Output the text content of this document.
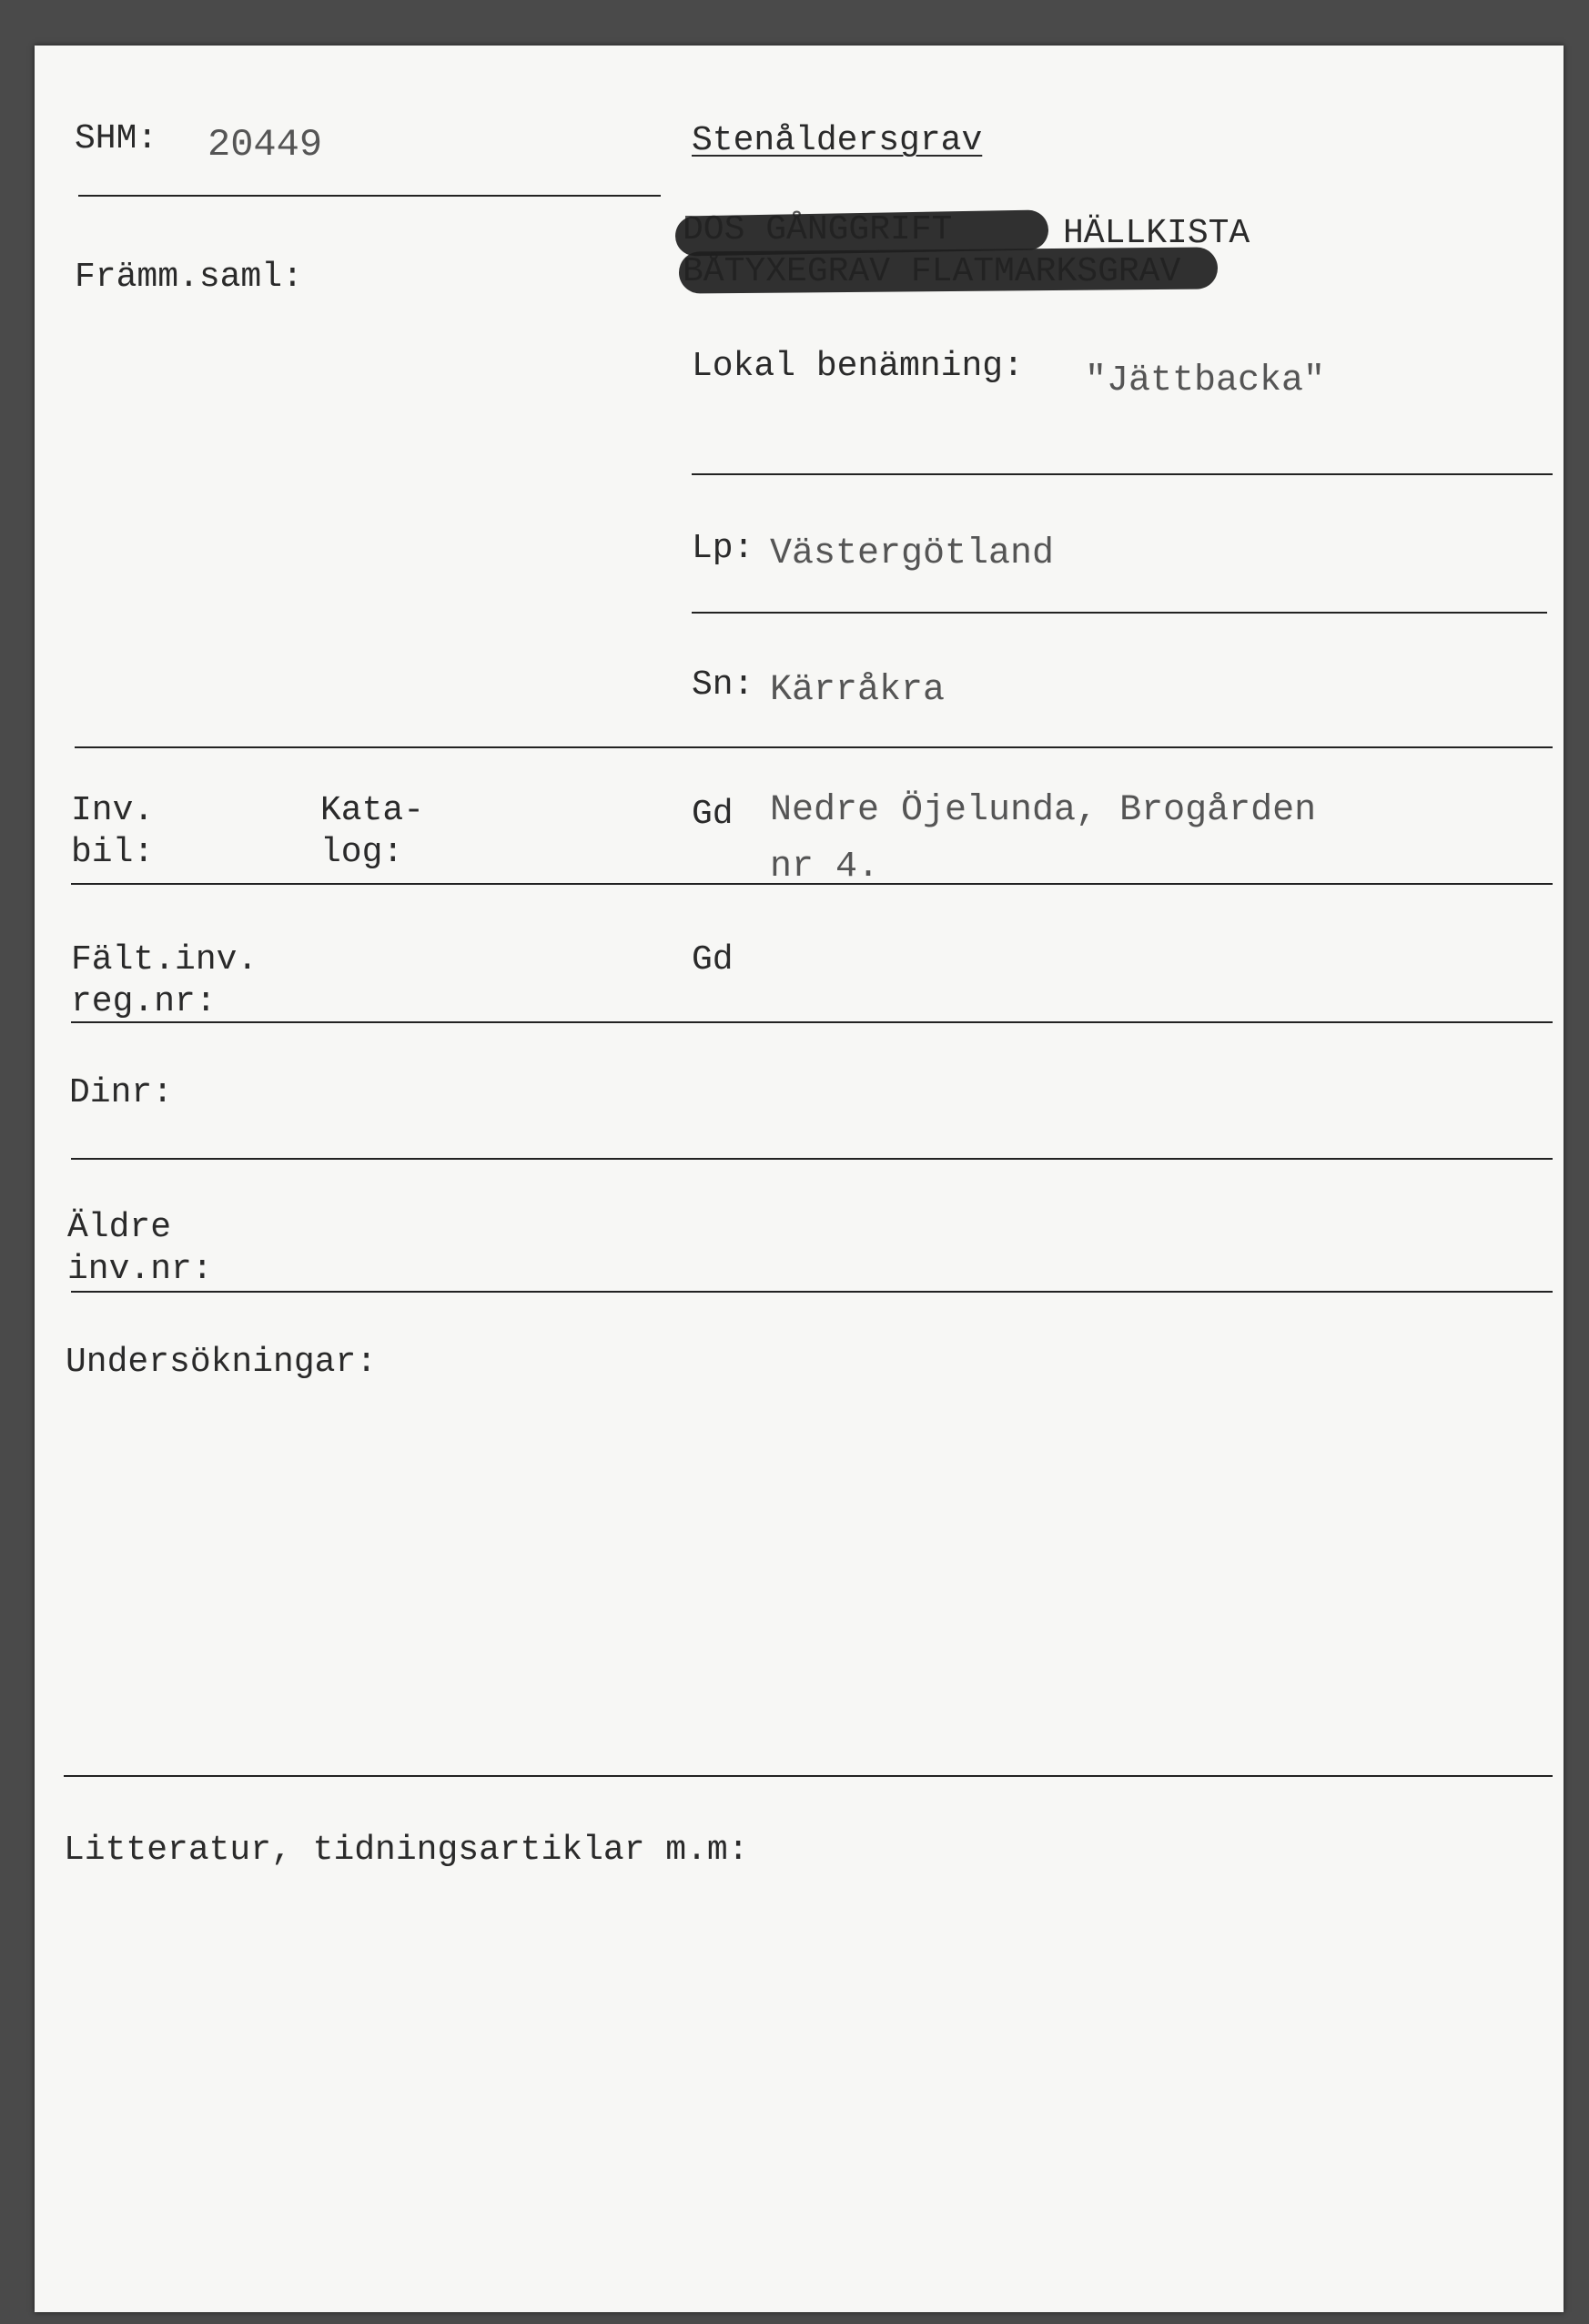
SHM: 20449	Stenåldersgrav
HÄLLKISTA
Främm.saml:
Lokal benämning: "Jättbacka"
Lp: Västergötland
Sn: Kärråkra
Inv.
bil:
Kata-
log:
Gd Nedre Öjelunda, Brogården
nr 4.
Fält.inv.
reg.nr:
Gd
Dinr:
Äldre
inv.nr:
Undersökningar:
Litteratur, tidningsartiklar m.m:
